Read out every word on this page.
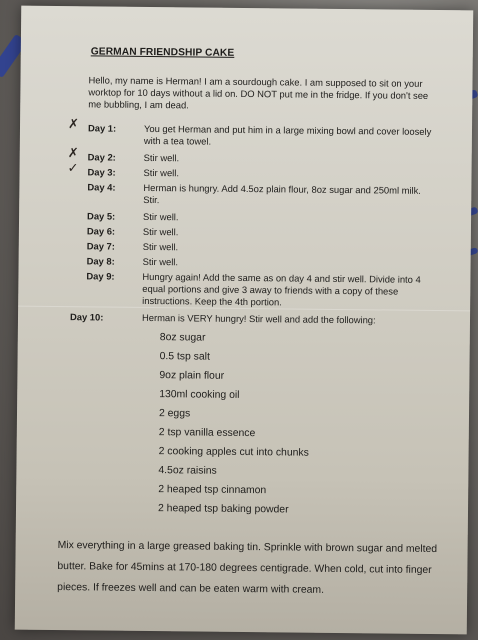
GERMAN FRIENDSHIP CAKE
Hello, my name is Herman! I am a sourdough cake. I am supposed to sit on your worktop for 10 days without a lid on. DO NOT put me in the fridge. If you don't see me bubbling, I am dead.
✗ Day 1:	You get Herman and put him in a large mixing bowl and cover loosely with a tea towel.
✗ Day 2:	Stir well.
✓ Day 3:	Stir well.
Day 4:	Herman is hungry. Add 4.5oz plain flour, 8oz sugar and 250ml milk. Stir.
Day 5:	Stir well.
Day 6:	Stir well.
Day 7:	Stir well.
Day 8:	Stir well.
Day 9:	Hungry again! Add the same as on day 4 and stir well. Divide into 4 equal portions and give 3 away to friends with a copy of these instructions. Keep the 4th portion.
Day 10:	Herman is VERY hungry! Stir well and add the following:
8oz sugar
0.5 tsp salt
9oz plain flour
130ml cooking oil
2 eggs
2 tsp vanilla essence
2 cooking apples cut into chunks
4.5oz raisins
2 heaped tsp cinnamon
2 heaped tsp baking powder
Mix everything in a large greased baking tin. Sprinkle with brown sugar and melted butter. Bake for 45mins at 170-180 degrees centigrade. When cold, cut into finger pieces. If freezes well and can be eaten warm with cream.
